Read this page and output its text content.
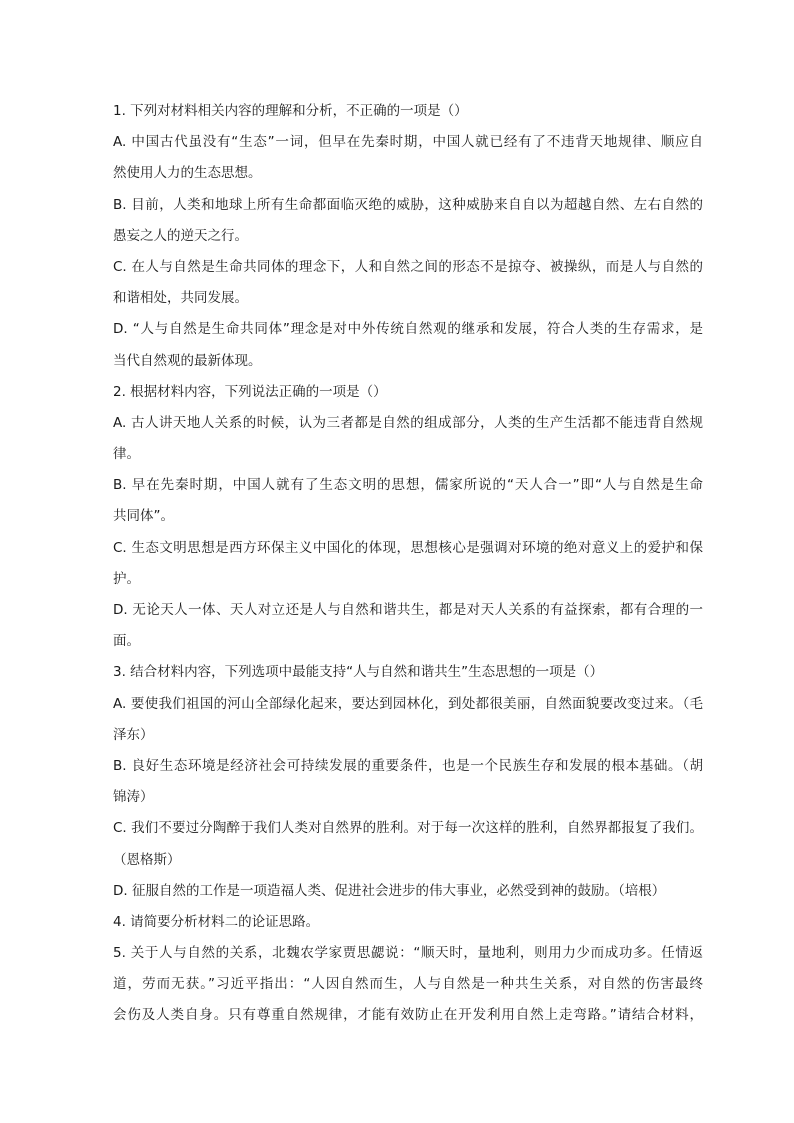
1. 下列对材料相关内容的理解和分析，不正确的一项是（）
A. 中国古代虽没有“生态”一词，但早在先秦时期，中国人就已经有了不违背天地规律、顺应自
然使用人力的生态思想。
B. 目前，人类和地球上所有生命都面临灭绝的威胁，这种威胁来自自以为超越自然、左右自然的
愚妄之人的逆天之行。
C. 在人与自然是生命共同体的理念下，人和自然之间的形态不是掠夺、被操纵，而是人与自然的
和谐相处，共同发展。
D. “人与自然是生命共同体”理念是对中外传统自然观的继承和发展，符合人类的生存需求，是
当代自然观的最新体现。
2. 根据材料内容，下列说法正确的一项是（）
A. 古人讲天地人关系的时候，认为三者都是自然的组成部分，人类的生产生活都不能违背自然规
律。
B. 早在先秦时期，中国人就有了生态文明的思想，儒家所说的“天人合一”即“人与自然是生命
共同体”。
C. 生态文明思想是西方环保主义中国化的体现，思想核心是强调对环境的绝对意义上的爱护和保
护。
D. 无论天人一体、天人对立还是人与自然和谐共生，都是对天人关系的有益探索，都有合理的一
面。
3. 结合材料内容，下列选项中最能支持“人与自然和谐共生”生态思想的一项是（）
A. 要使我们祖国的河山全部绿化起来，要达到园林化，到处都很美丽，自然面貌要改变过来。（毛
泽东）
B. 良好生态环境是经济社会可持续发展的重要条件，也是一个民族生存和发展的根本基础。（胡
锦涛）
C. 我们不要过分陶醉于我们人类对自然界的胜利。对于每一次这样的胜利，自然界都报复了我们。
（恩格斯）
D. 征服自然的工作是一项造福人类、促进社会进步的伟大事业，必然受到神的鼓励。（培根）
4. 请简要分析材料二的论证思路。
5. 关于人与自然的关系，北魏农学家贾思勰说：“顺天时，量地利，则用力少而成功多。任情返
道，劳而无获。”习近平指出：“人因自然而生，人与自然是一种共生关系，对自然的伤害最终
会伤及人类自身。只有尊重自然规律，才能有效防止在开发利用自然上走弯路。”请结合材料，
